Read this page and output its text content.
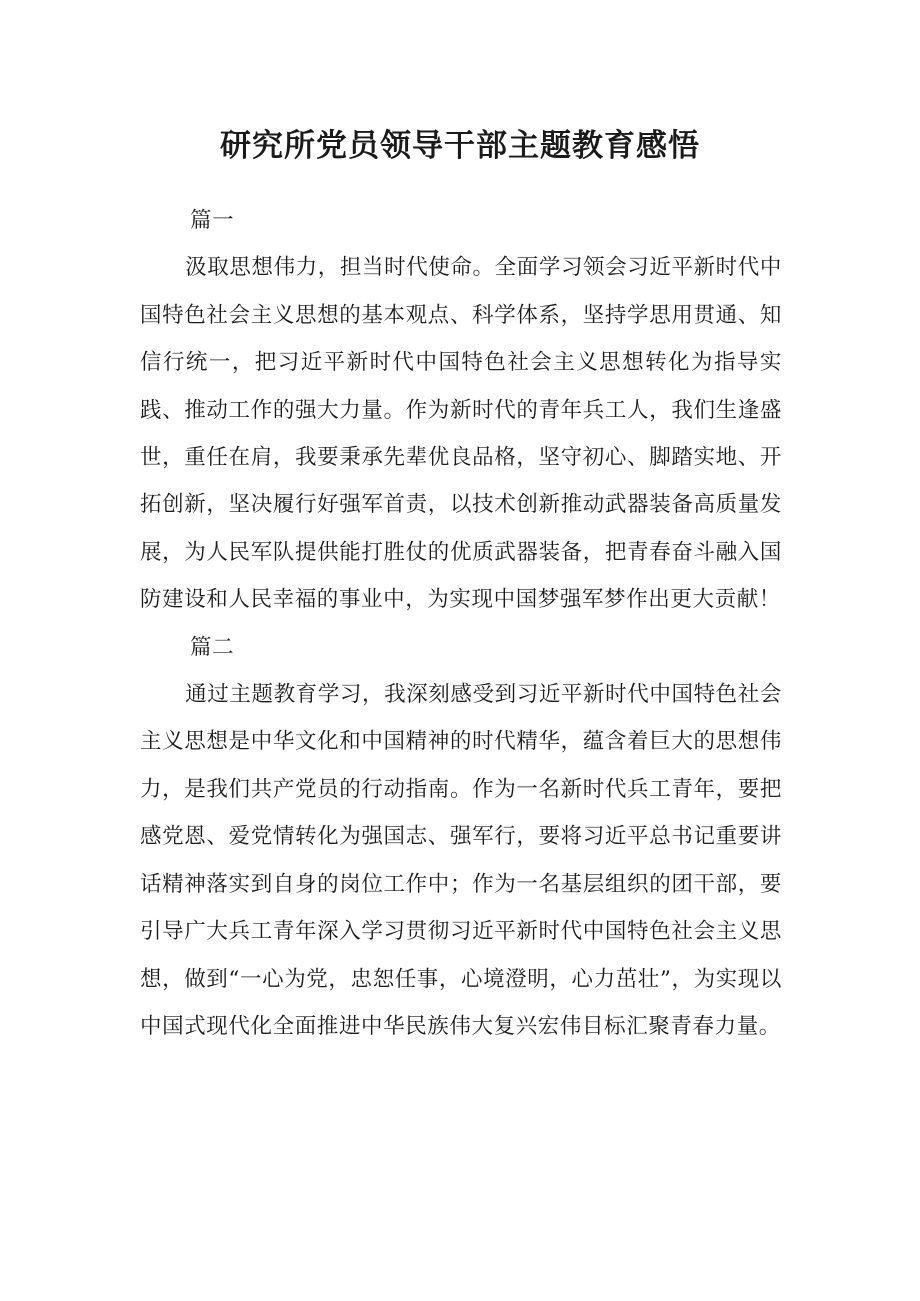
研究所党员领导干部主题教育感悟

篇一

汲取思想伟力，担当时代使命。全面学习领会习近平新时代中国特色社会主义思想的基本观点、科学体系，坚持学思用贯通、知信行统一，把习近平新时代中国特色社会主义思想转化为指导实践、推动工作的强大力量。作为新时代的青年兵工人，我们生逢盛世，重任在肩，我要秉承先辈优良品格，坚守初心、脚踏实地、开拓创新，坚决履行好强军首责，以技术创新推动武器装备高质量发展，为人民军队提供能打胜仗的优质武器装备，把青春奋斗融入国防建设和人民幸福的事业中，为实现中国梦强军梦作出更大贡献！

篇二

通过主题教育学习，我深刻感受到习近平新时代中国特色社会主义思想是中华文化和中国精神的时代精华，蕴含着巨大的思想伟力，是我们共产党员的行动指南。作为一名新时代兵工青年，要把感党恩、爱党情转化为强国志、强军行，要将习近平总书记重要讲话精神落实到自身的岗位工作中；作为一名基层组织的团干部，要引导广大兵工青年深入学习贯彻习近平新时代中国特色社会主义思想，做到“一心为党，忠恕任事，心境澄明，心力茁壮”，为实现以中国式现代化全面推进中华民族伟大复兴宏伟目标汇聚青春力量。
